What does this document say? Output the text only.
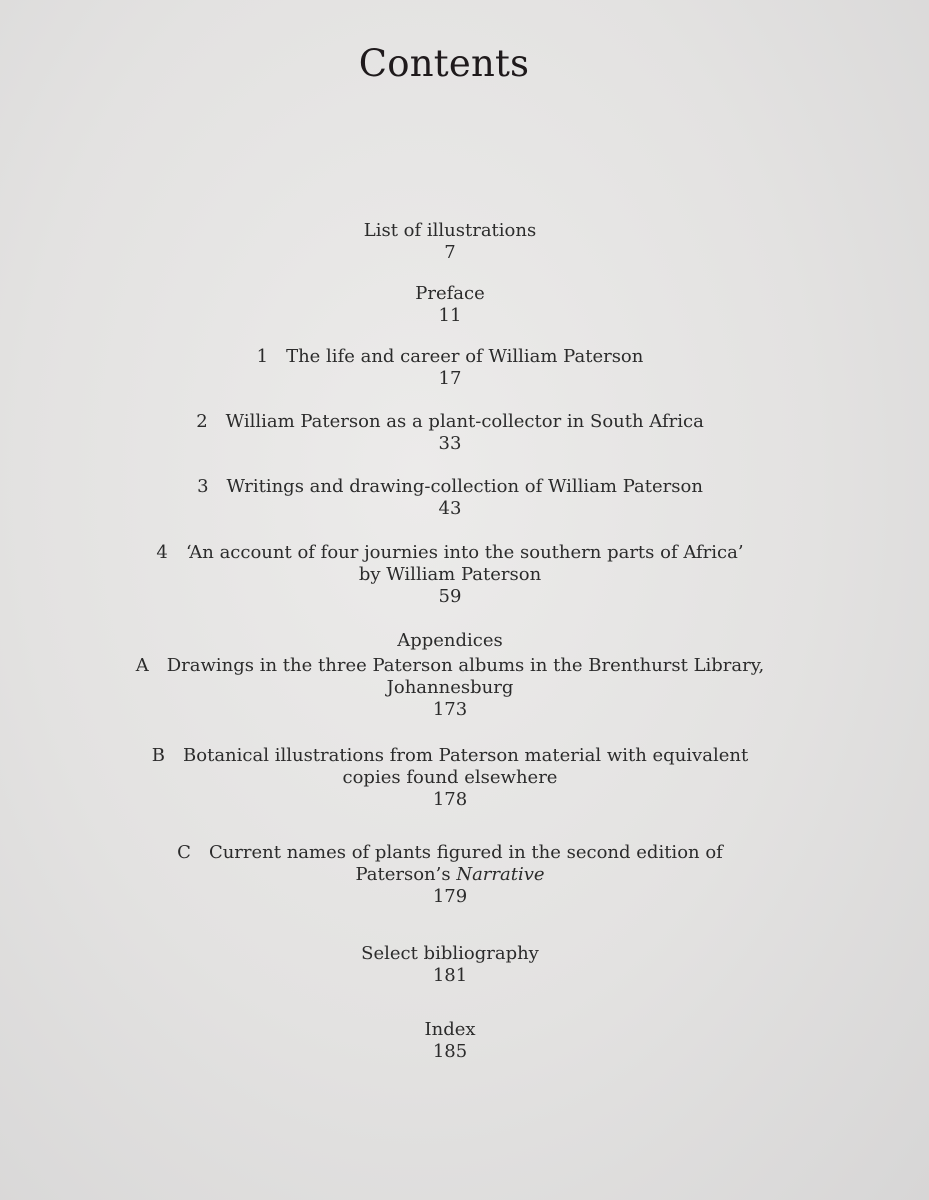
Contents
List of illustrations
7
Preface
11
1 The life and career of William Paterson
17
2 William Paterson as a plant-collector in South Africa
33
3 Writings and drawing-collection of William Paterson
43
4 ‘An account of four journies into the southern parts of Africa’
by William Paterson
59
Appendices
A Drawings in the three Paterson albums in the Brenthurst Library,
Johannesburg
173
B Botanical illustrations from Paterson material with equivalent
copies found elsewhere
178
C Current names of plants figured in the second edition of
Paterson’s Narrative
179
Select bibliography
181
Index
185
